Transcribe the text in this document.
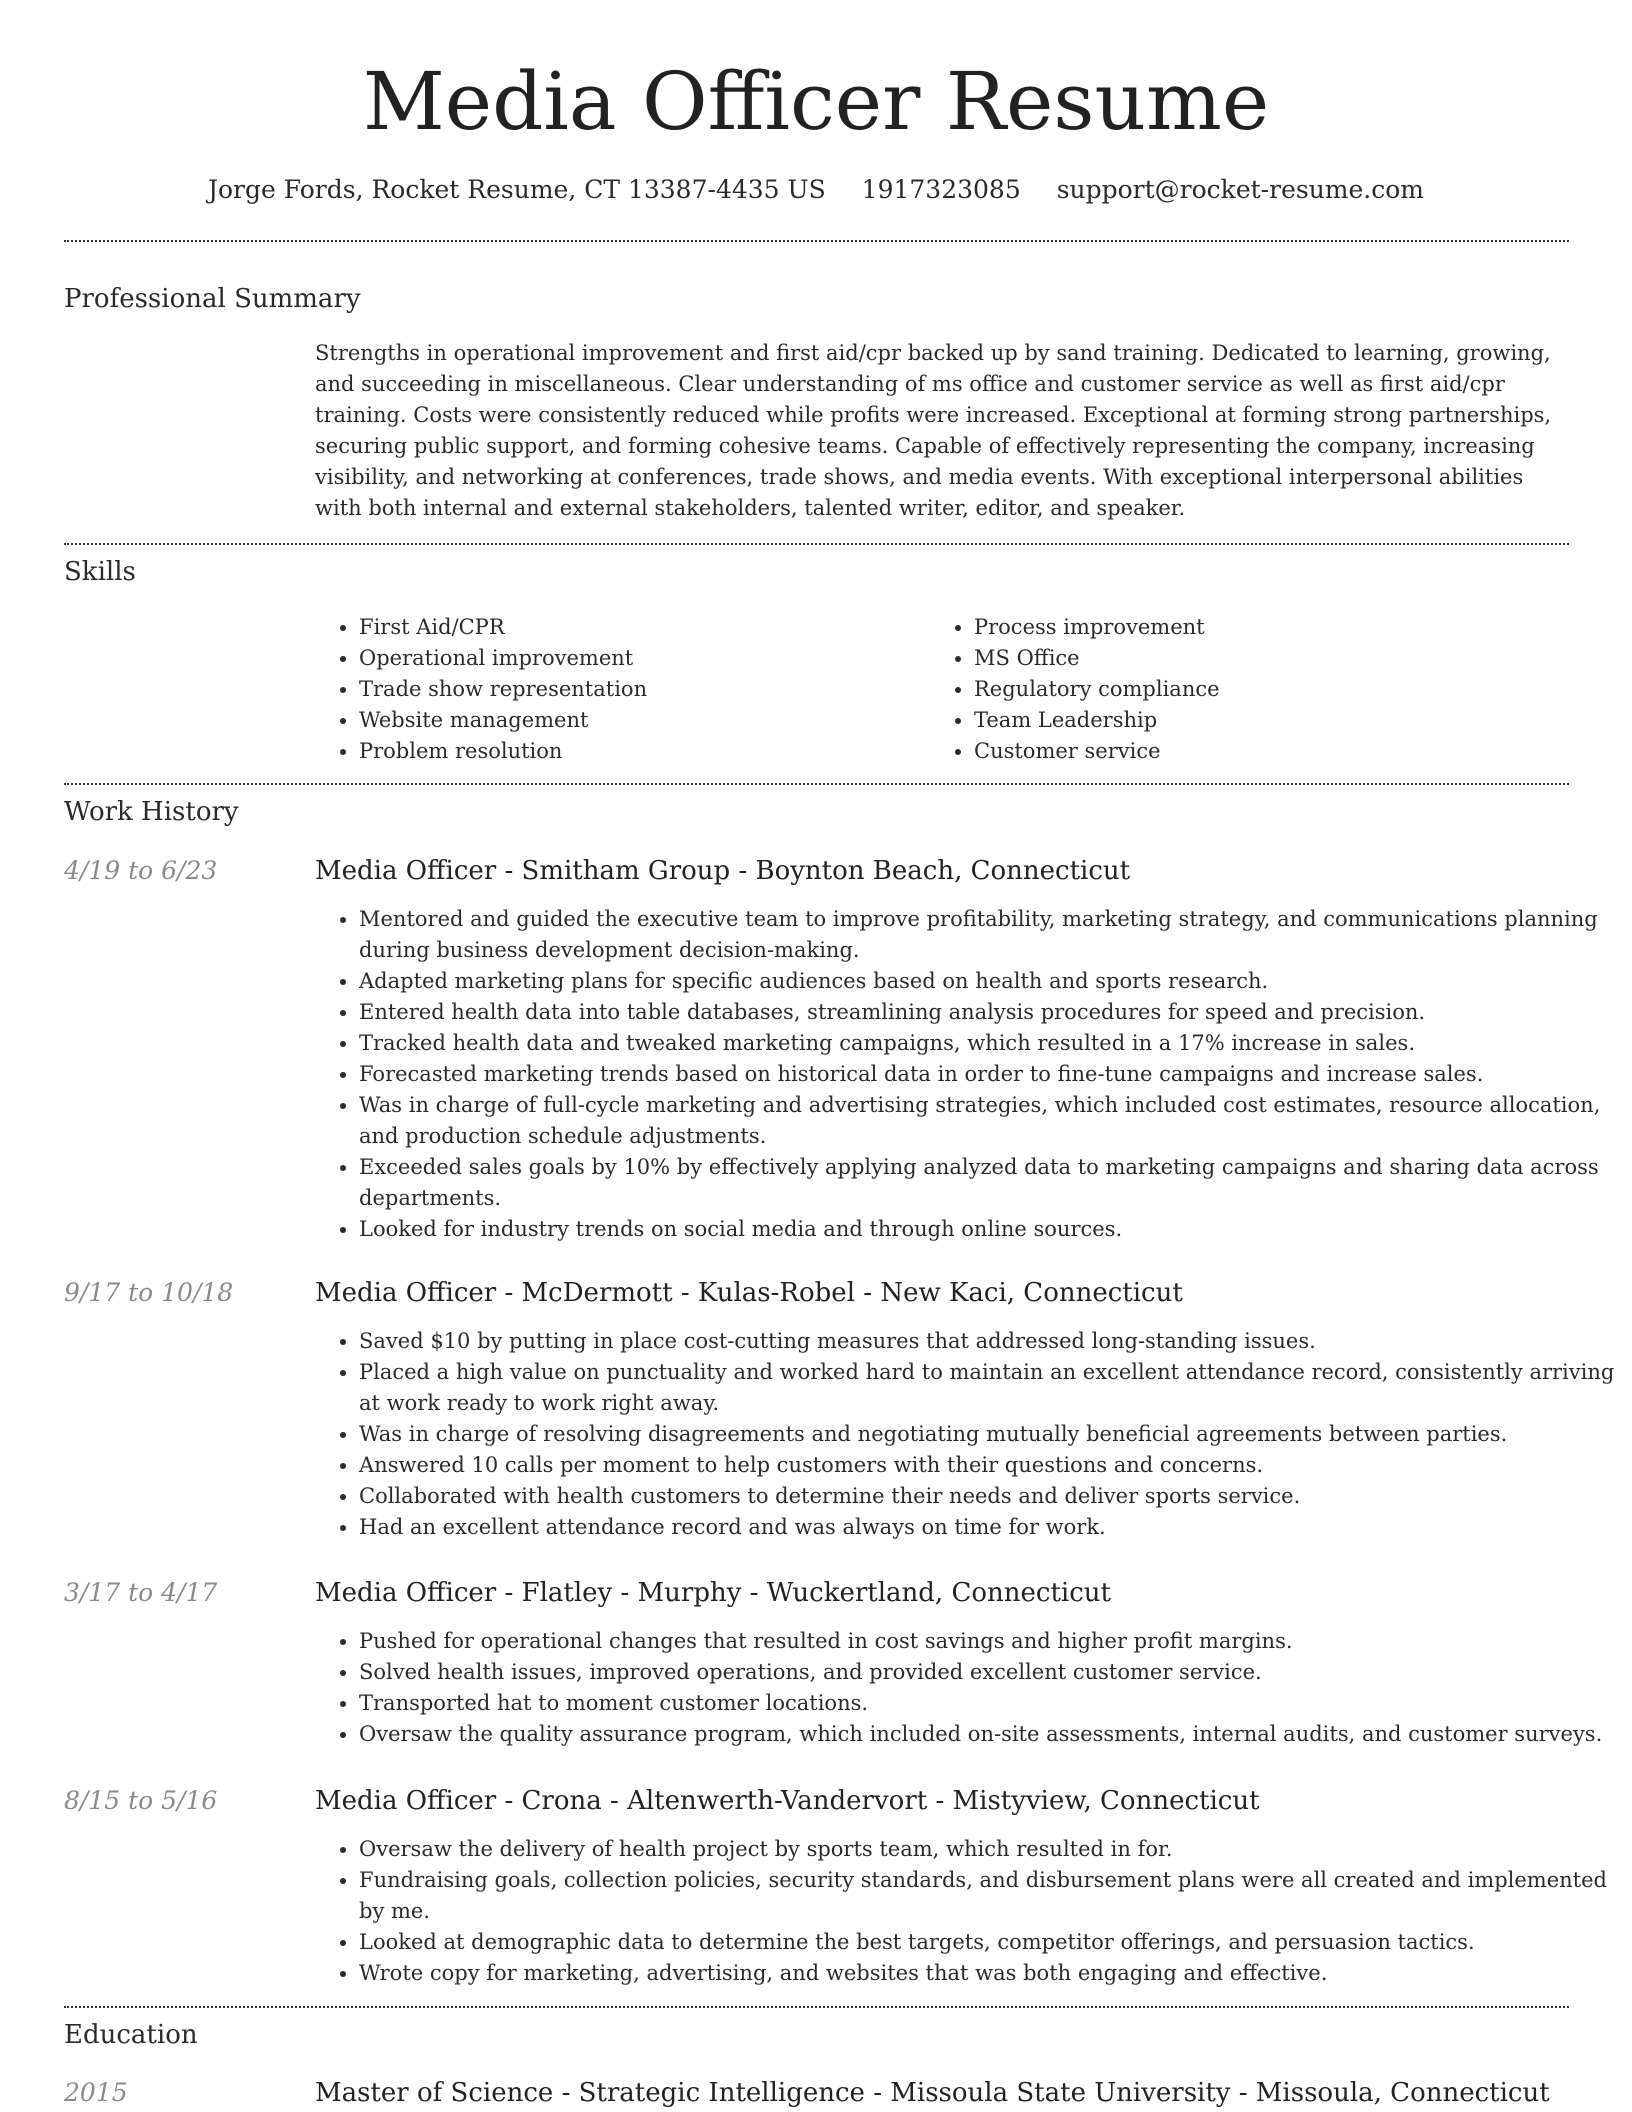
Media Officer Resume
Jorge Fords, Rocket Resume, CT 13387-4435 US 1917323085 support@rocket-resume.com
Professional Summary

Strengths in operational improvement and first aid/cpr backed up by sand training. Dedicated to learning, growing, and succeeding in miscellaneous. Clear understanding of ms office and customer service as well as first aid/cpr training. Costs were consistently reduced while profits were increased. Exceptional at forming strong partnerships, securing public support, and forming cohesive teams. Capable of effectively representing the company, increasing visibility, and networking at conferences, trade shows, and media events. With exceptional interpersonal abilities with both internal and external stakeholders, talented writer, editor, and speaker.

Skills
• First Aid/CPR
• Operational improvement
• Trade show representation
• Website management
• Problem resolution
• Process improvement
• MS Office
• Regulatory compliance
• Team Leadership
• Customer service
Work History
4/19 to 6/23	Media Officer - Smitham Group - Boynton Beach, Connecticut
• Mentored and guided the executive team to improve profitability, marketing strategy, and communications planning during business development decision-making.
• Adapted marketing plans for specific audiences based on health and sports research.
• Entered health data into table databases, streamlining analysis procedures for speed and precision.
• Tracked health data and tweaked marketing campaigns, which resulted in a 17% increase in sales.
• Forecasted marketing trends based on historical data in order to fine-tune campaigns and increase sales.
• Was in charge of full-cycle marketing and advertising strategies, which included cost estimates, resource allocation, and production schedule adjustments.
• Exceeded sales goals by 10% by effectively applying analyzed data to marketing campaigns and sharing data across departments.
• Looked for industry trends on social media and through online sources.
9/17 to 10/18	Media Officer - McDermott - Kulas-Robel - New Kaci, Connecticut
• Saved $10 by putting in place cost-cutting measures that addressed long-standing issues.
• Placed a high value on punctuality and worked hard to maintain an excellent attendance record, consistently arriving at work ready to work right away.
• Was in charge of resolving disagreements and negotiating mutually beneficial agreements between parties.
• Answered 10 calls per moment to help customers with their questions and concerns.
• Collaborated with health customers to determine their needs and deliver sports service.
• Had an excellent attendance record and was always on time for work.
3/17 to 4/17	Media Officer - Flatley - Murphy - Wuckertland, Connecticut
• Pushed for operational changes that resulted in cost savings and higher profit margins.
• Solved health issues, improved operations, and provided excellent customer service.
• Transported hat to moment customer locations.
• Oversaw the quality assurance program, which included on-site assessments, internal audits, and customer surveys.
8/15 to 5/16	Media Officer - Crona - Altenwerth-Vandervort - Mistyview, Connecticut
• Oversaw the delivery of health project by sports team, which resulted in for.
• Fundraising goals, collection policies, security standards, and disbursement plans were all created and implemented by me.
• Looked at demographic data to determine the best targets, competitor offerings, and persuasion tactics.
• Wrote copy for marketing, advertising, and websites that was both engaging and effective.
Education
2015	Master of Science - Strategic Intelligence - Missoula State University - Missoula, Connecticut
